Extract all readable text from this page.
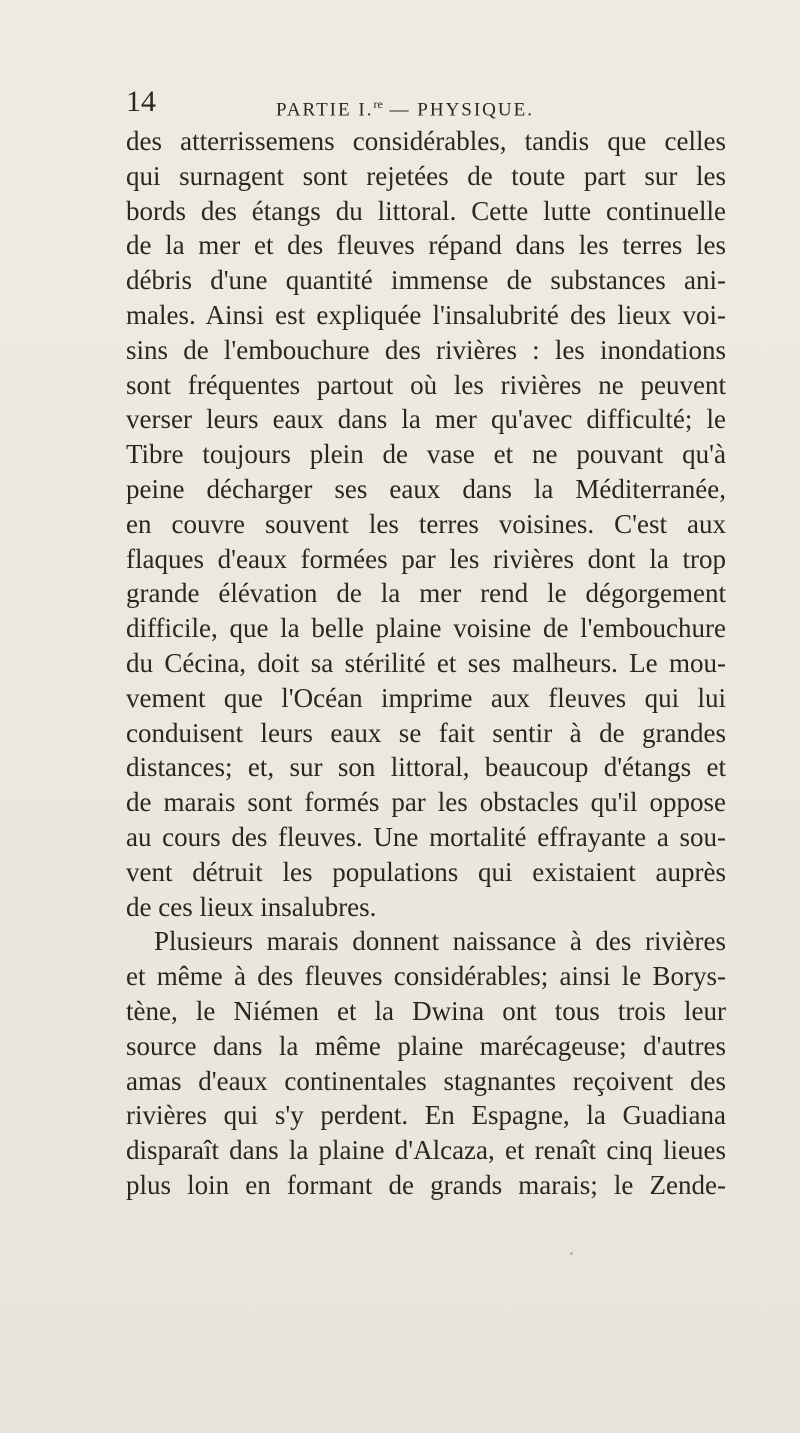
14	PARTIE I.$^{re}$ — PHYSIQUE.
des atterrissemens considérables, tandis que celles
qui surnagent sont rejetées de toute part sur les
bords des étangs du littoral. Cette lutte continuelle
de la mer et des fleuves répand dans les terres les
débris d'une quantité immense de substances ani-
males. Ainsi est expliquée l'insalubrité des lieux voi-
sins de l'embouchure des rivières : les inondations
sont fréquentes partout où les rivières ne peuvent
verser leurs eaux dans la mer qu'avec difficulté; le
Tibre toujours plein de vase et ne pouvant qu'à
peine décharger ses eaux dans la Méditerranée,
en couvre souvent les terres voisines. C'est aux
flaques d'eaux formées par les rivières dont la trop
grande élévation de la mer rend le dégorgement
difficile, que la belle plaine voisine de l'embouchure
du Cécina, doit sa stérilité et ses malheurs. Le mou-
vement que l'Océan imprime aux fleuves qui lui
conduisent leurs eaux se fait sentir à de grandes
distances; et, sur son littoral, beaucoup d'étangs et
de marais sont formés par les obstacles qu'il oppose
au cours des fleuves. Une mortalité effrayante a sou-
vent détruit les populations qui existaient auprès
de ces lieux insalubres.
Plusieurs marais donnent naissance à des rivières
et même à des fleuves considérables; ainsi le Borys-
tène, le Niémen et la Dwina ont tous trois leur
source dans la même plaine marécageuse; d'autres
amas d'eaux continentales stagnantes reçoivent des
rivières qui s'y perdent. En Espagne, la Guadiana
disparaît dans la plaine d'Alcaza, et renaît cinq lieues
plus loin en formant de grands marais; le Zende-
